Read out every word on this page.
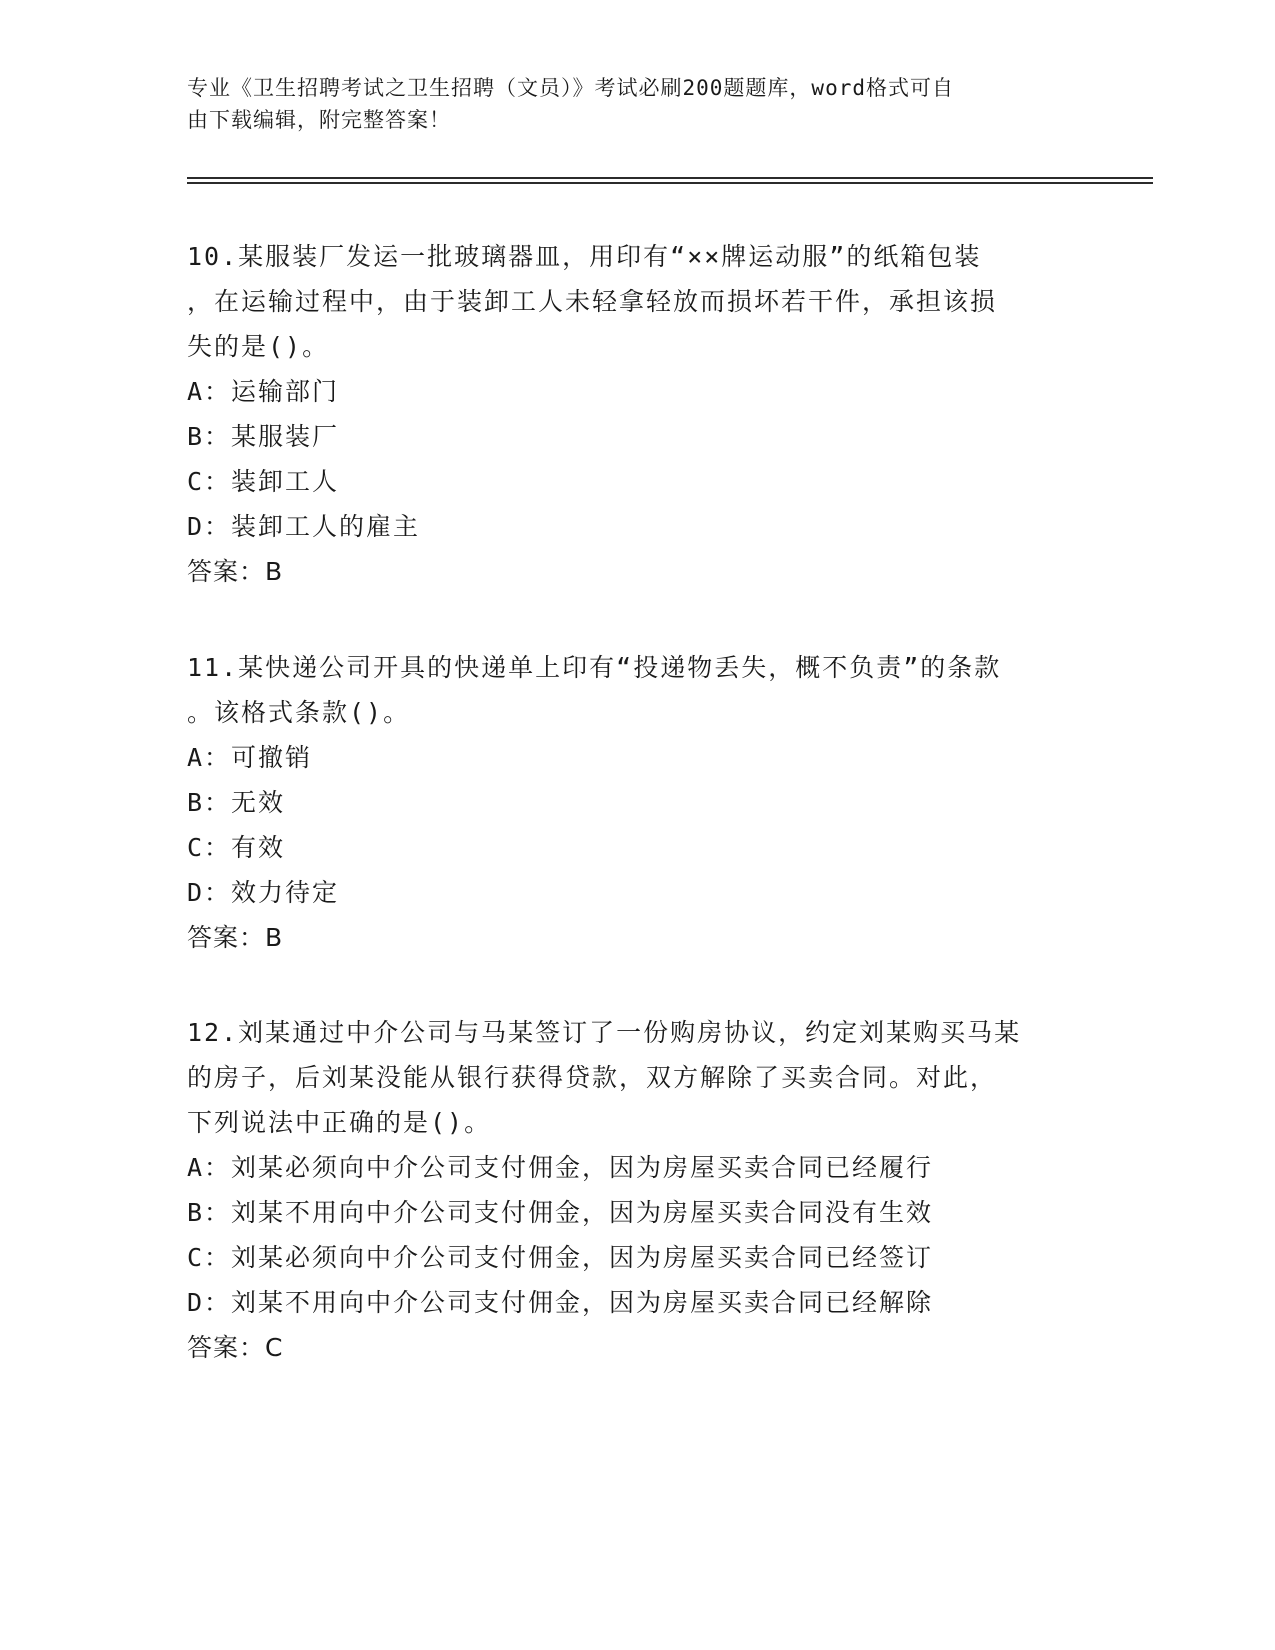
专业《卫生招聘考试之卫生招聘（文员）》考试必刷200题题库，word格式可自
由下载编辑，附完整答案！

10.某服装厂发运一批玻璃器皿，用印有“××牌运动服”的纸箱包装

，在运输过程中，由于装卸工人未轻拿轻放而损坏若干件，承担该损

失的是()。

A：运输部门

B：某服装厂

C：装卸工人

D：装卸工人的雇主

答案：B

11.某快递公司开具的快递单上印有“投递物丢失，概不负责”的条款

。该格式条款()。

A：可撤销

B：无效

C：有效

D：效力待定

答案：B

12.刘某通过中介公司与马某签订了一份购房协议，约定刘某购买马某

的房子，后刘某没能从银行获得贷款，双方解除了买卖合同。对此，

下列说法中正确的是()。

A：刘某必须向中介公司支付佣金，因为房屋买卖合同已经履行

B：刘某不用向中介公司支付佣金，因为房屋买卖合同没有生效

C：刘某必须向中介公司支付佣金，因为房屋买卖合同已经签订

D：刘某不用向中介公司支付佣金，因为房屋买卖合同已经解除

答案：C
